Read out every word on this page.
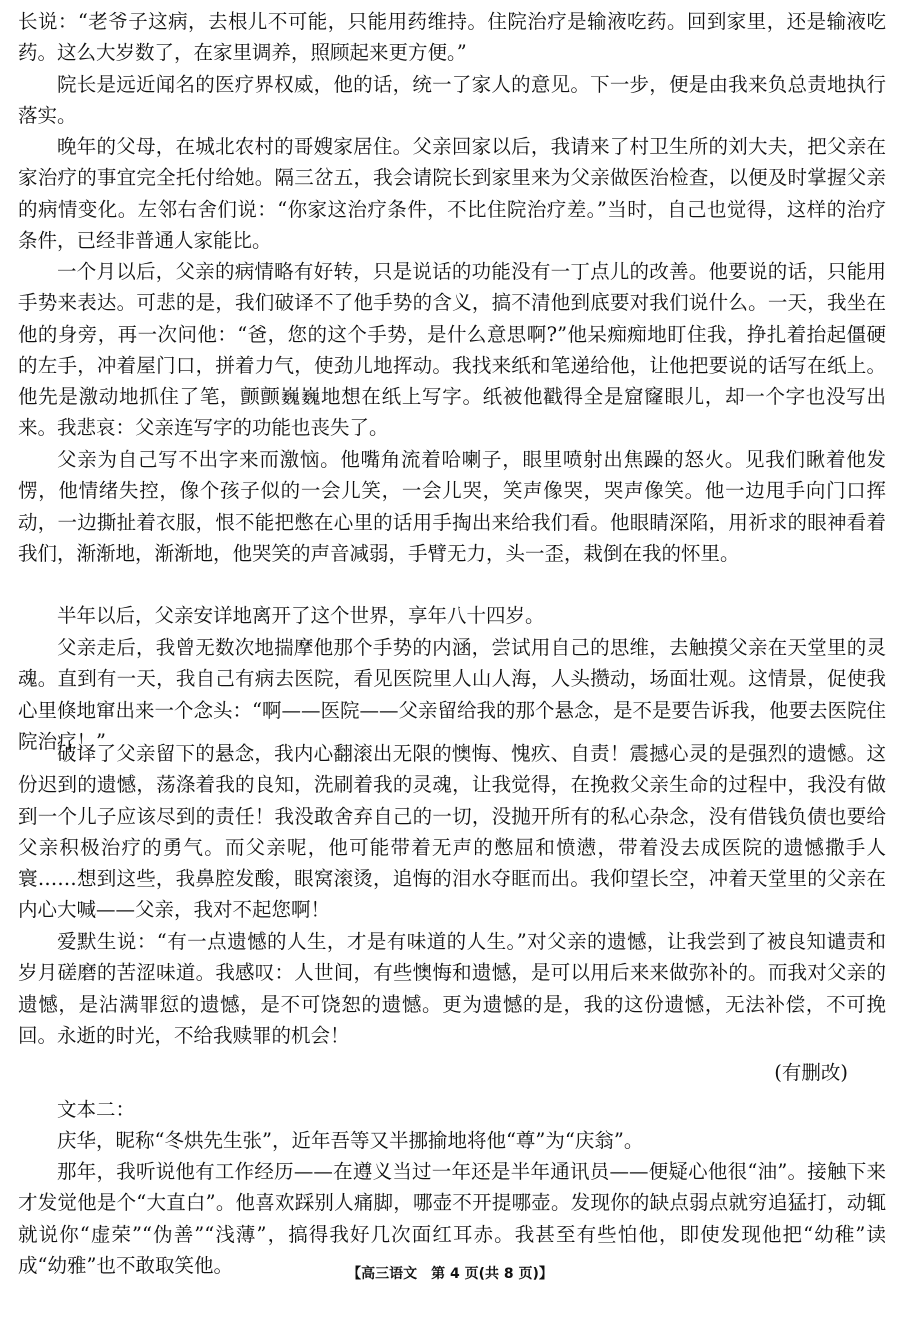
长说：“老爷子这病，去根儿不可能，只能用药维持。住院治疗是输液吃药。回到家里，还是输液吃药。这么大岁数了，在家里调养，照顾起来更方便。”

院长是远近闻名的医疗界权威，他的话，统一了家人的意见。下一步，便是由我来负总责地执行落实。

晚年的父母，在城北农村的哥嫂家居住。父亲回家以后，我请来了村卫生所的刘大夫，把父亲在家治疗的事宜完全托付给她。隔三岔五，我会请院长到家里来为父亲做医治检查，以便及时掌握父亲的病情变化。左邻右舍们说：“你家这治疗条件，不比住院治疗差。”当时，自己也觉得，这样的治疗条件，已经非普通人家能比。

一个月以后，父亲的病情略有好转，只是说话的功能没有一丁点儿的改善。他要说的话，只能用手势来表达。可悲的是，我们破译不了他手势的含义，搞不清他到底要对我们说什么。一天，我坐在他的身旁，再一次问他：“爸，您的这个手势，是什么意思啊?”他呆痴痴地盯住我，挣扎着抬起僵硬的左手，冲着屋门口，拼着力气，使劲儿地挥动。我找来纸和笔递给他，让他把要说的话写在纸上。他先是激动地抓住了笔，颤颤巍巍地想在纸上写字。纸被他戳得全是窟窿眼儿，却一个字也没写出来。我悲哀：父亲连写字的功能也丧失了。

父亲为自己写不出字来而激恼。他嘴角流着哈喇子，眼里喷射出焦躁的怒火。见我们瞅着他发愣，他情绪失控，像个孩子似的一会儿笑，一会儿哭，笑声像哭，哭声像笑。他一边甩手向门口挥动，一边撕扯着衣服，恨不能把憋在心里的话用手掏出来给我们看。他眼睛深陷，用祈求的眼神看着我们，渐渐地，渐渐地，他哭笑的声音减弱，手臂无力，头一歪，栽倒在我的怀里。

半年以后，父亲安详地离开了这个世界，享年八十四岁。

父亲走后，我曾无数次地揣摩他那个手势的内涵，尝试用自己的思维，去触摸父亲在天堂里的灵魂。直到有一天，我自己有病去医院，看见医院里人山人海，人头攒动，场面壮观。这情景，促使我心里倏地窜出来一个念头：“啊——医院——父亲留给我的那个悬念，是不是要告诉我，他要去医院住院治疗！”

破译了父亲留下的悬念，我内心翻滚出无限的懊悔、愧疚、自责！震撼心灵的是强烈的遗憾。这份迟到的遗憾，荡涤着我的良知，洗刷着我的灵魂，让我觉得，在挽救父亲生命的过程中，我没有做到一个儿子应该尽到的责任！我没敢舍弃自己的一切，没抛开所有的私心杂念，没有借钱负债也要给父亲积极治疗的勇气。而父亲呢，他可能带着无声的憋屈和愤懑，带着没去成医院的遗憾撒手人寰……想到这些，我鼻腔发酸，眼窝滚烫，追悔的泪水夺眶而出。我仰望长空，冲着天堂里的父亲在内心大喊——父亲，我对不起您啊！

爱默生说：“有一点遗憾的人生，才是有味道的人生。”对父亲的遗憾，让我尝到了被良知谴责和岁月磋磨的苦涩味道。我感叹：人世间，有些懊悔和遗憾，是可以用后来来做弥补的。而我对父亲的遗憾，是沾满罪愆的遗憾，是不可饶恕的遗憾。更为遗憾的是，我的这份遗憾，无法补偿，不可挽回。永逝的时光，不给我赎罪的机会！

(有删改)

文本二：

庆华，昵称“冬烘先生张”，近年吾等又半挪揄地将他“尊”为“庆翁”。

那年，我听说他有工作经历——在遵义当过一年还是半年通讯员——便疑心他很“油”。接触下来才发觉他是个“大直白”。他喜欢踩别人痛脚，哪壶不开提哪壶。发现你的缺点弱点就穷追猛打，动辄就说你“虚荣”“伪善”“浅薄”，搞得我好几次面红耳赤。我甚至有些怕他，即使发现他把“幼稚”读成“幼雅”也不敢取笑他。	【高三语文　第 4 页(共 8 页)】
